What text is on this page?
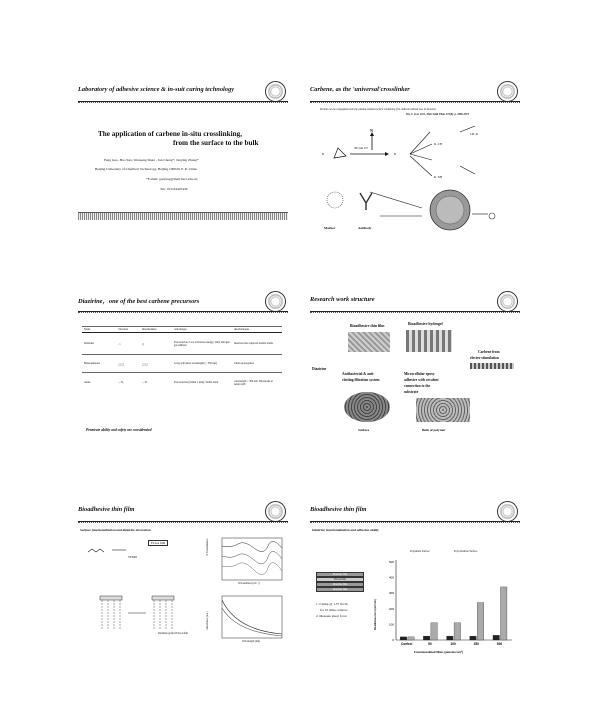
Laboratory of adhesive science & in-suit curing technology
The application of carbene in-situ crosslinking,
from the surface to the bulk
Feng Guo, Hao Sun, Wenpeng Duan , Jun Cheng*, Junying Zhang*
Beijing University of Chemical Technology, Beijing 100029, P. R. China
*E-mail: guofeng@mail.buct.edu.cn;
Tel.: 010-64425439
Carbene, as the 'universal'crosslinker
Protein can be conjugated onto the plasma-treated surface containing free radicals without loss its function.
Yin, Y. et al. 2011, Thin Solid Films 519(9): p. 2966-2973
N
365 nm UV
R	R
CH−R
R−CH
R−NH
Marker	Antibody
Diazirine，one of the best carbene precursors
Name	Structure	Intermediates	Advantages	disadvantages
Diazirine	◁	⟩⟨	Fast reaction; Low activation energy; Only nitrogen gas emitted	Insertion into adjacent double bonds
Benzophenone	◯◯	◯◯	Long activation wavelength (~ 350 nm)	Chain propagation
Azide	—N₃	—N:	Fast reaction (within 1 min); Stable bond	wavelength ~ 300 nm; Nitrenoide at neutral pH
Penetrate ability and safety are considerated
Research work structure
Bioadhesive thin film	Bioadhesive hydrogel
Carbene from
electro-stimulation
Diazirine
Antibacterial & anti-
clotting filtration system
Microcellular epoxy
adhesive with covalent
connection to the
substrate
Surface	Bulk of polymer
Bioadhesive thin film
Surface functionalization and diazirine decoration
PLGA film
TFMD
Diazirine grafted PLGA film
Wavenumber (cm⁻¹)
Wavelength (nm)
% Transmittance
Absorbance (a.u.)
Bioadhesive thin film
Diazirine functionalization and adhesion ability
Diazirine film
PLGA film
Diazirine film
Diazirine film
1. Clamp @ 1.37 N/cm
for 10 mins, remove
2. Measure shear force
Polyamine Surface	Poly-diazirine Surface
Bioadhesion force (mN/cm²)
Functionalized films (μmoles/cm²)
0
100
200
300
400
500
Control	50	100	250	500
